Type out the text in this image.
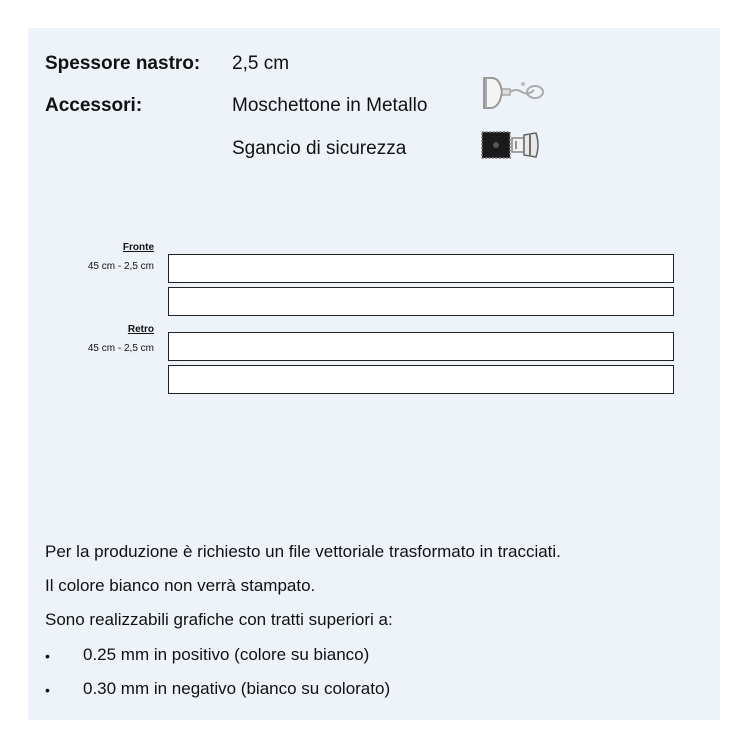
Spessore nastro: 2,5 cm
Accessori:	Moschettone in Metallo
Sgancio di sicurezza
Fronte
45 cm - 2,5 cm
Retro
45 cm - 2,5 cm
Per la produzione è richiesto un file vettoriale trasformato in tracciati.
Il colore bianco non verrà stampato.
Sono realizzabili grafiche con tratti superiori a:
• 0.25 mm in positivo (colore su bianco)
• 0.30 mm in negativo (bianco su colorato)
